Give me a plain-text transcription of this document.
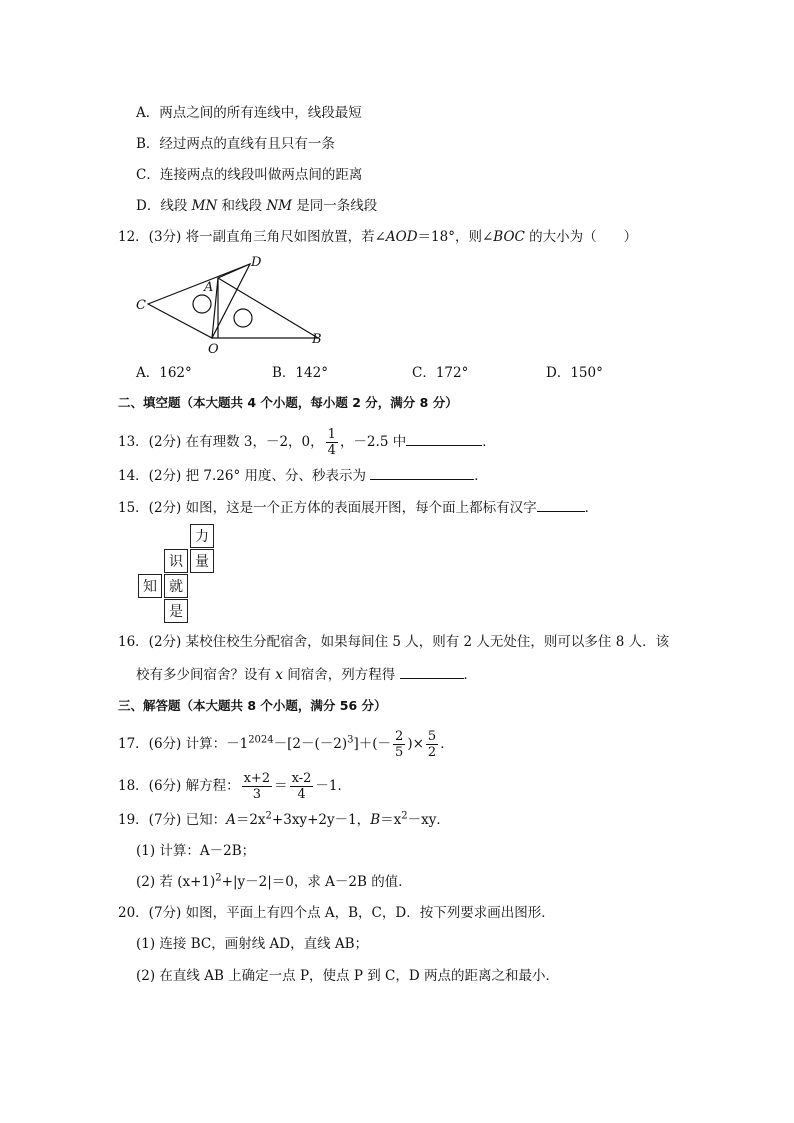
A．两点之间的所有连线中，线段最短
B．经过两点的直线有且只有一条
C．连接两点的线段叫做两点间的距离
D．线段 MN 和线段 NM 是同一条线段
12．(3分) 将一副直角三角尺如图放置，若∠AOD＝18°，则∠BOC 的大小为（　　）
C
A
D
O
B
A．162°	B．142°	C．172°	D．150°
二、填空题（本大题共 4 个小题，每小题 2 分，满分 8 分）
13．(2分) 在有理数 3，－2，0， $\frac{1}{4}$ ，－2.5 中	．
14．(2分) 把 7.26° 用度、分、秒表示为	．
15．(2分) 如图，这是一个正方体的表面展开图，每个面上都标有汉字	．
力
识 量
知 就
是
16．(2分) 某校住校生分配宿舍，如果每间住 5 人，则有 2 人无处住，则可以多住 8 人．该
校有多少间宿舍？设有 x 间宿舍，列方程得	．
三、解答题（本大题共 8 个小题，满分 56 分）
17．(6分) 计算：$-1^{2024}-[2-(-2)^3]+(- \frac{2}{5}$ )× $\frac{5}{2}$ ．
18．(6分) 解方程： $\frac{x+2}{3} = \frac{x-2}{4} -1$．
19．(7分) 已知：$A=2x^2+3xy+2y-1$，$B=x^2-xy$．
(1) 计算：A－2B；
(2) 若 $(x+1)^2+|y-2|=0$，求 A－2B 的值．
20．(7分) 如图，平面上有四个点 A，B，C，D．按下列要求画出图形．
(1) 连接 BC，画射线 AD，直线 AB；
(2) 在直线 AB 上确定一点 P，使点 P 到 C，D 两点的距离之和最小．
